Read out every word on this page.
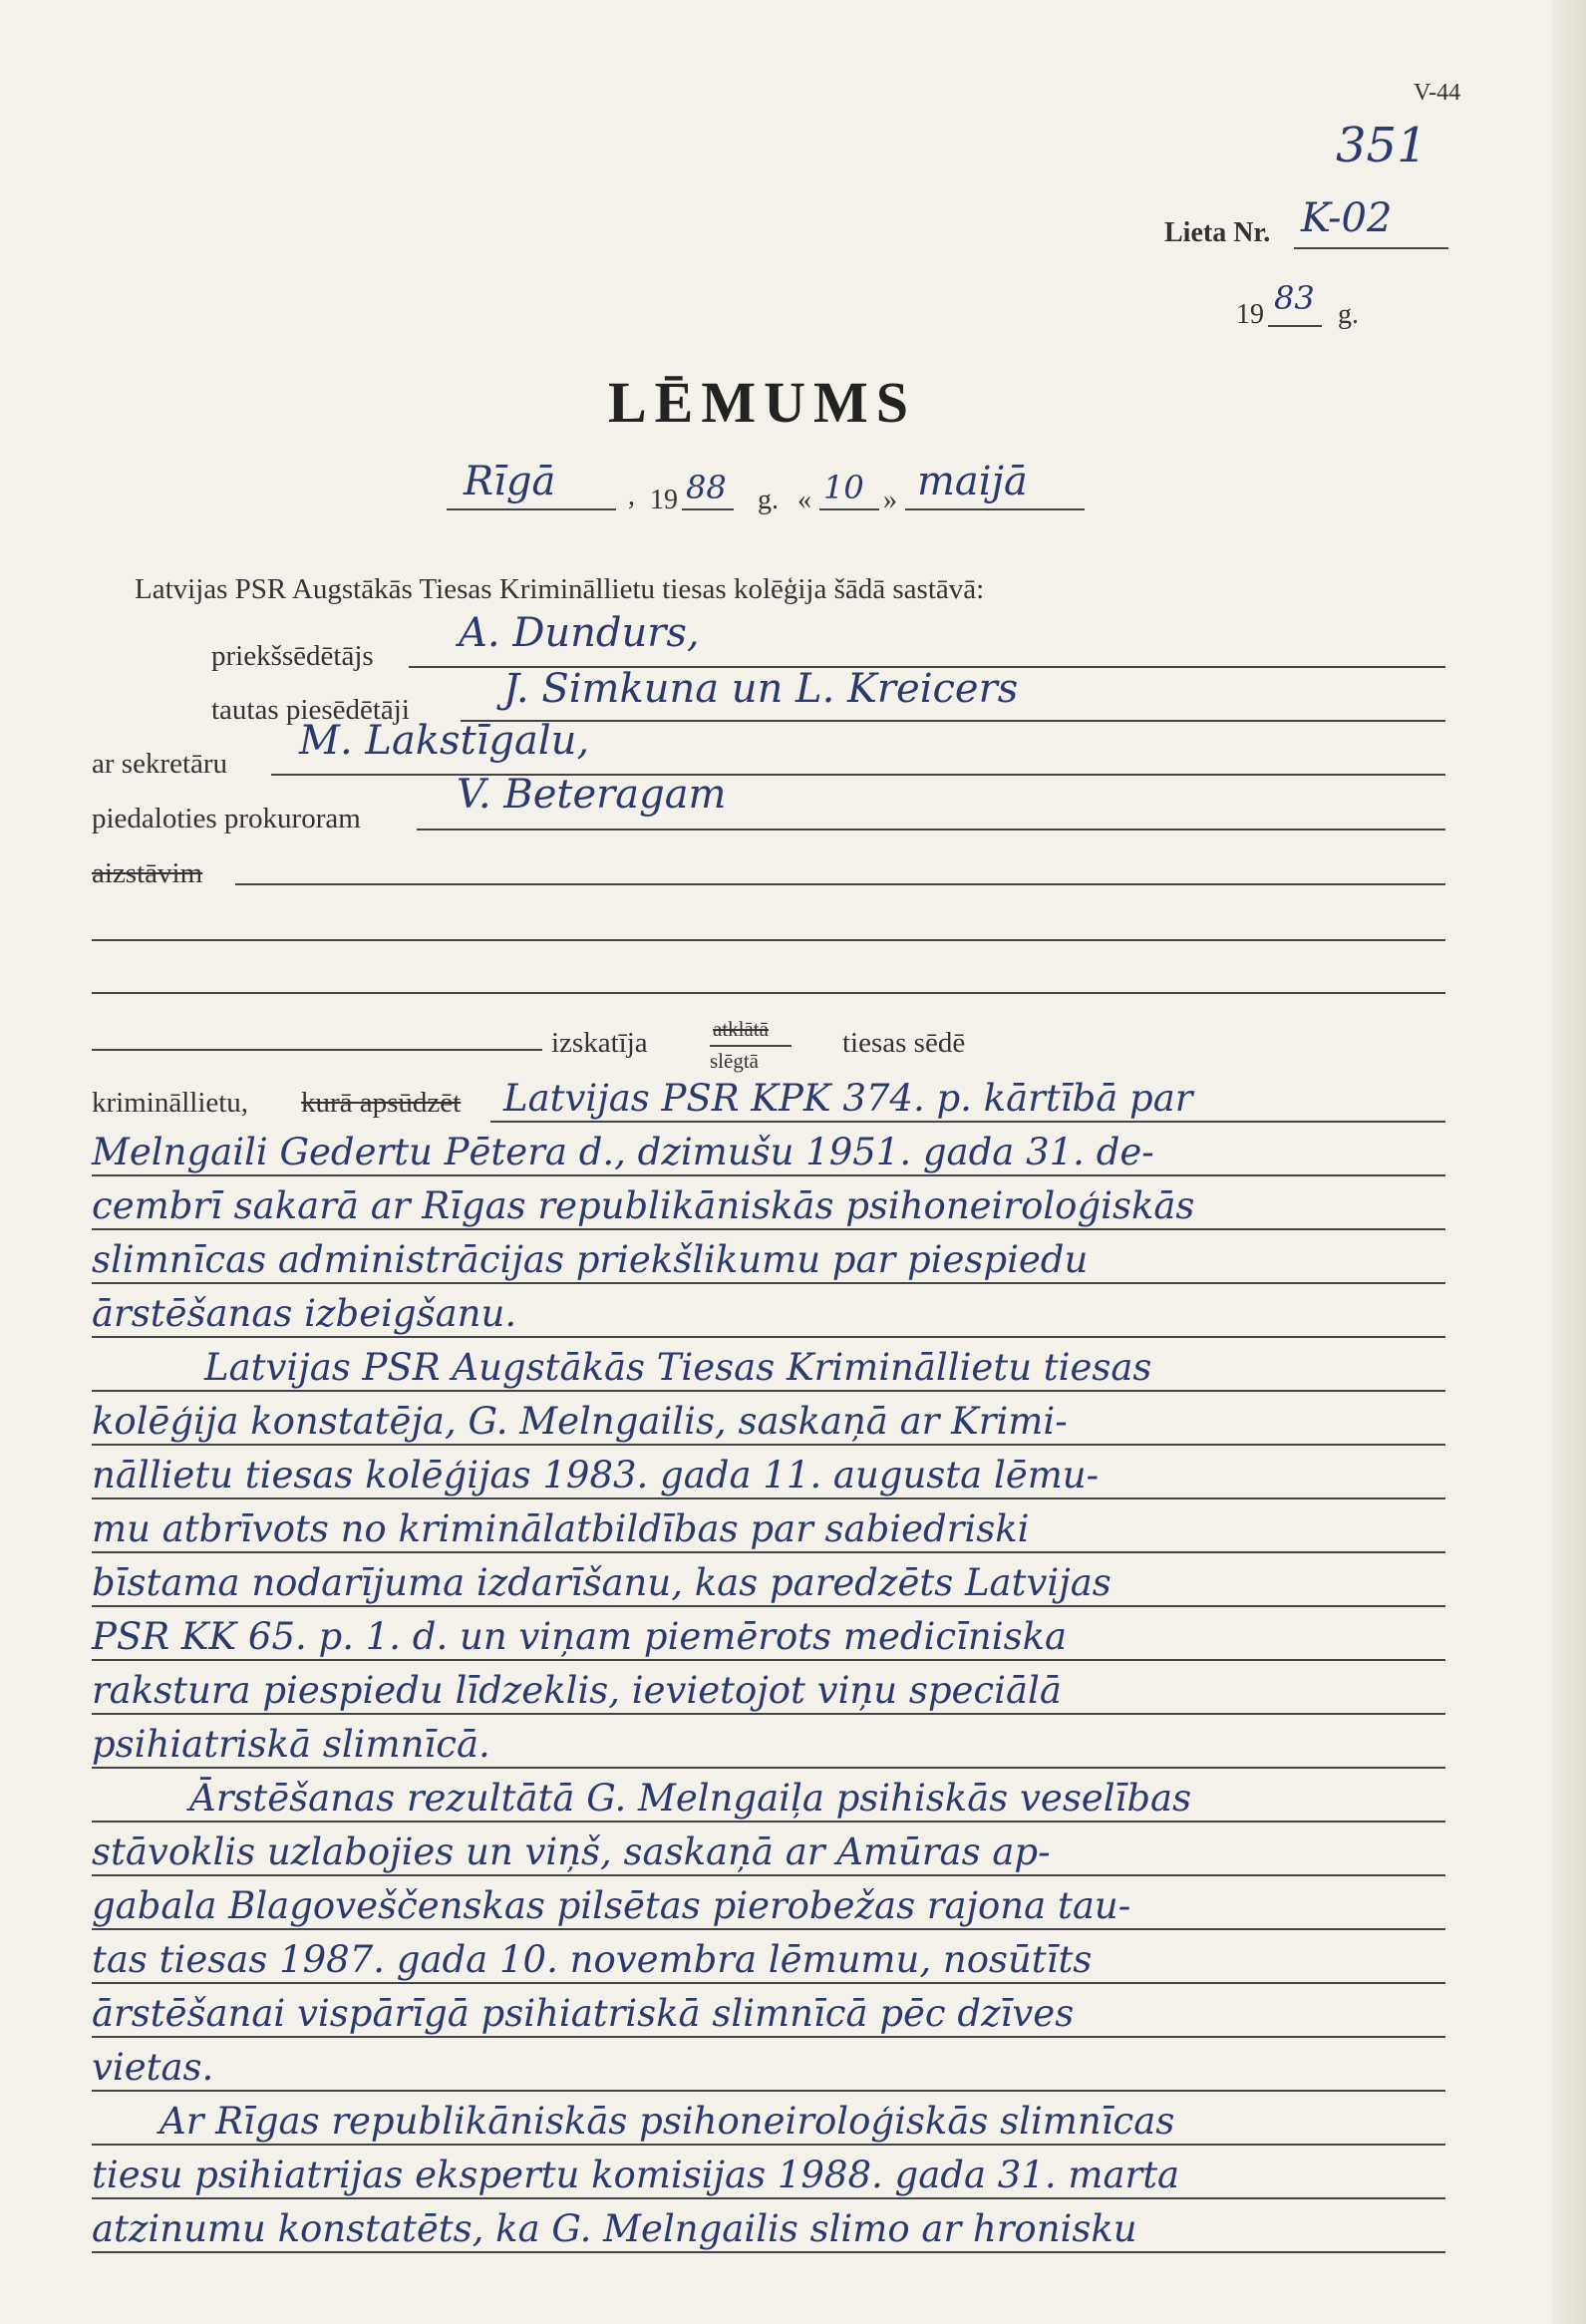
V-44
351
Lieta Nr. K-02
19 83 g.
LĒMUMS
Rīgā	, 19 88 g. « 10 » maijā
Latvijas PSR Augstākās Tiesas Krimināllietu tiesas kolēģija šādā sastāvā:
priekšsēdētājs A. Dundurs,
tautas piesēdētāji J. Simkuna un L. Kreicers
ar sekretāru M. Lakstīgalu,
piedaloties prokuroram
V. Beteragam
aizstāvim
izskatīja	atklātā
slēgtā
tiesas sēdē
krimināllietu, kurā apsūdzēt Latvijas PSR KPK 374. p. kārtībā par
Melngaili Gedertu Pētera d., dzimušu 1951. gada 31. de-
cembrī sakarā ar Rīgas republikāniskās psihoneiroloģiskās
slimnīcas administrācijas priekšlikumu par piespiedu
ārstēšanas izbeigšanu.
Latvijas PSR Augstākās Tiesas Krimināllietu tiesas
kolēģija konstatēja, G. Melngailis, saskaņā ar Krimi-
nāllietu tiesas kolēģijas 1983. gada 11. augusta lēmu-
mu atbrīvots no kriminālatbildības par sabiedriski
bīstama nodarījuma izdarīšanu, kas paredzēts Latvijas
PSR KK 65. p. 1. d. un viņam piemērots medicīniska
rakstura piespiedu līdzeklis, ievietojot viņu speciālā
psihiatriskā slimnīcā.
Ārstēšanas rezultātā G. Melngaiļa psihiskās veselības
stāvoklis uzlabojies un viņš, saskaņā ar Amūras ap-
gabala Blagoveščenskas pilsētas pierobežas rajona tau-
tas tiesas 1987. gada 10. novembra lēmumu, nosūtīts
ārstēšanai vispārīgā psihiatriskā slimnīcā pēc dzīves
vietas.
Ar Rīgas republikāniskās psihoneiroloģiskās slimnīcas
tiesu psihiatrijas ekspertu komisijas 1988. gada 31. marta
atzinumu konstatēts, ka G. Melngailis slimo ar hronisku
